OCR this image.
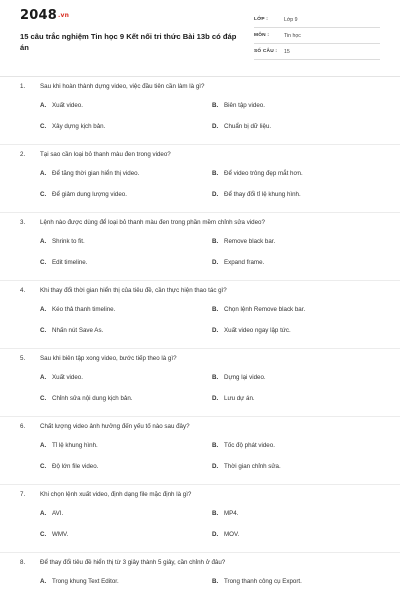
2048.vn
15 câu trắc nghiệm Tin học 9 Kết nối tri thức Bài 13b có đáp án
LỚP :	Lớp 9
MÔN :	Tin học
SỐ CÂU :	15
1. Sau khi hoàn thành dựng video, việc đầu tiên cần làm là gì?
A. Xuất video.	B. Biên tập video.
C. Xây dựng kịch bản.	D. Chuẩn bị dữ liệu.
2. Tại sao cần loại bỏ thanh màu đen trong video?
A. Để tăng thời gian hiển thị video.	B. Để video trông đẹp mắt hơn.
C. Để giảm dung lượng video.	D. Để thay đổi tỉ lệ khung hình.
3. Lệnh nào được dùng để loại bỏ thanh màu đen trong phần mềm chỉnh sửa video?
A. Shrink to fit.	B. Remove black bar.
C. Edit timeline.	D. Expand frame.
4. Khi thay đổi thời gian hiển thị của tiêu đề, cần thực hiện thao tác gì?
A. Kéo thả thanh timeline.	B. Chọn lệnh Remove black bar.
C. Nhấn nút Save As.	D. Xuất video ngay lập tức.
5. Sau khi biên tập xong video, bước tiếp theo là gì?
A. Xuất video.	B. Dựng lại video.
C. Chỉnh sửa nội dung kịch bản.	D. Lưu dự án.
6. Chất lượng video ảnh hưởng đến yếu tố nào sau đây?
A. Tỉ lệ khung hình.	B. Tốc độ phát video.
C. Độ lớn file video.	D. Thời gian chỉnh sửa.
7. Khi chọn lệnh xuất video, định dạng file mặc định là gì?
A. AVI.	B. MP4.
C. WMV.	D. MOV.
8. Để thay đổi tiêu đề hiển thị từ 3 giây thành 5 giây, cần chỉnh ở đâu?
A. Trong khung Text Editor.	B. Trong thanh công cụ Export.
